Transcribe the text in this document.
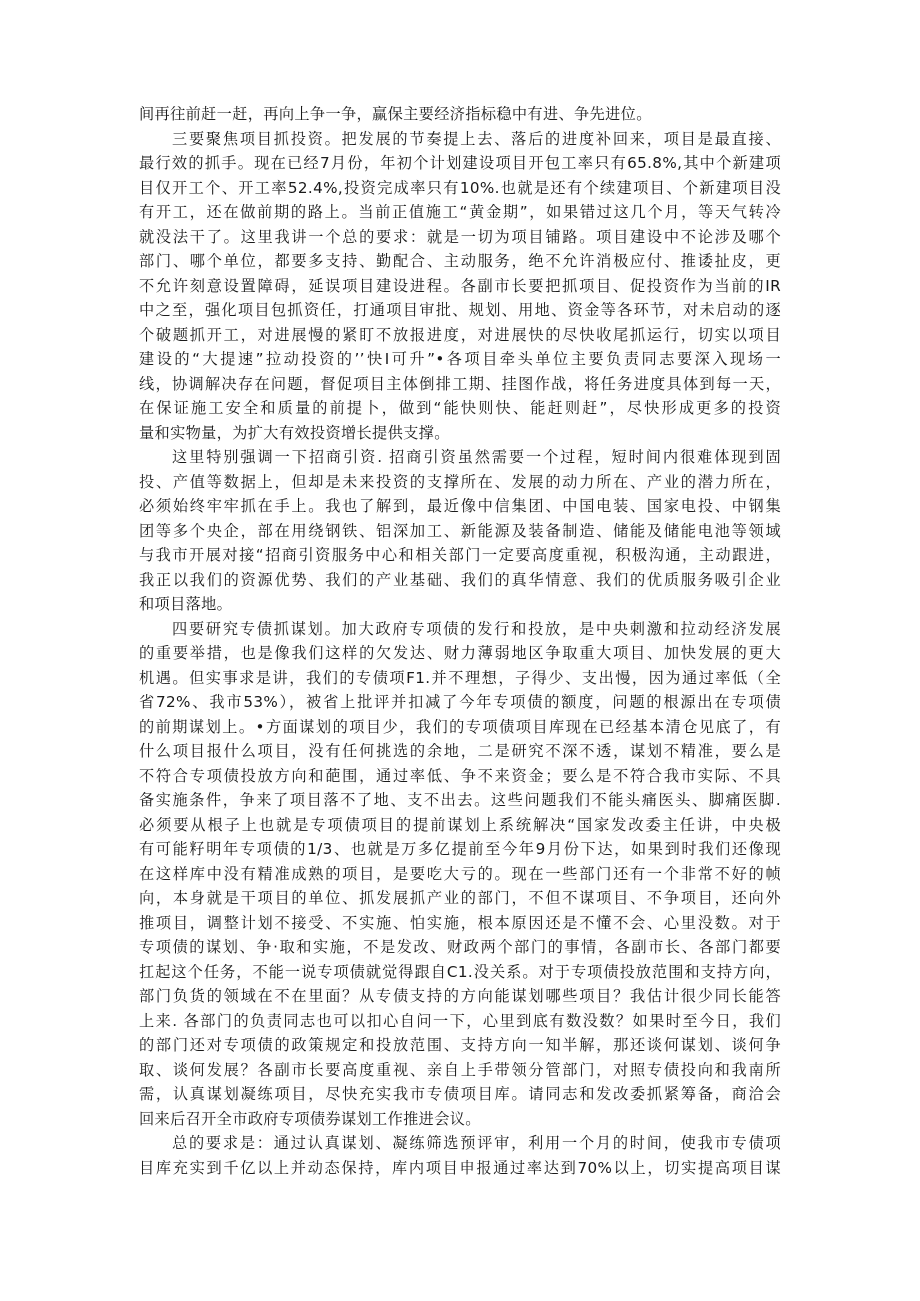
间再往前赶一赶，再向上争一争，赢保主要经济指标稳中有进、争先进位。
三要聚焦项目抓投资。把发展的节奏提上去、落后的进度补回来，项目是最直接、
最行效的抓手。现在已经7月份，年初个计划建设项目开包工率只有65.8%,其中个新建项
目仅开工个、开工率52.4%,投资完成率只有10%.也就是还有个续建项目、个新建项目没
有开工，还在做前期的路上。当前正值施工“黄金期”，如果错过这几个月，等天气转冷
就没法干了。这里我讲一个总的要求：就是一切为项目铺路。项目建设中不论涉及哪个
部门、哪个单位，都要多支持、勤配合、主动服务，绝不允许消极应付、推诿扯皮，更
不允许刻意设置障碍，延误项目建设进程。各副市长要把抓项目、促投资作为当前的IR
中之至，强化项目包抓资任，打通项目审批、规划、用地、资金等各环节，对未启动的逐
个破题抓开工，对进展慢的紧盯不放报进度，对进展快的尽快收尾抓运行，切实以项目
建设的“大提速”拉动投资的’’快I可升”•各项目牵头单位主要负责同志要深入现场一
线，协调解决存在问题，督促项目主体倒排工期、挂图作战，将任务进度具体到每一天，
在保证施工安全和质量的前提卜，做到“能快则快、能赶则赶”，尽快形成更多的投资
量和实物量，为扩大有效投资增长提供支撑。
这里特别强调一下招商引资. 招商引资虽然需要一个过程，短时间内很难体现到固
投、产值等数据上，但却是未来投资的支撑所在、发展的动力所在、产业的潜力所在，
必须始终牢牢抓在手上。我也了解到，最近像中信集团、中国电装、国家电投、中钢集
团等多个央企，部在用绕钢铁、铝深加工、新能源及装备制造、储能及储能电池等领域
与我市开展对接“招商引资服务中心和相关部门一定要高度重视，积极沟通，主动跟进，
我正以我们的资源优势、我们的产业基础、我们的真华情意、我们的优质服务吸引企业
和项目落地。
四要研究专债抓谋划。加大政府专项债的发行和投放，是中央刺激和拉动经济发展
的重要举措，也是像我们这样的欠发达、财力薄弱地区争取重大项目、加快发展的更大
机遇。但实事求是讲，我们的专债项F1.并不理想，子得少、支出慢，因为通过率低（全
省72%、我市53%），被省上批评并扣减了今年专项债的额度，问题的根源出在专项债
的前期谋划上。•方面谋划的项目少，我们的专项债项目库现在已经基本清仓见底了，有
什么项目报什么项目，没有任何挑选的余地，二是研究不深不透，谋划不精准，要么是
不符合专项债投放方向和葩围，通过率低、争不来资金；要么是不符合我市实际、不具
备实施条件，争来了项目落不了地、支不出去。这些问题我们不能头痛医头、脚痛医脚.
必须要从根子上也就是专项债项目的提前谋划上系统解决“国家发改委主任讲，中央极
有可能籽明年专项债的1/3、也就是万多亿提前至今年9月份下达，如果到时我们还像现
在这样库中没有精准成熟的项目，是要吃大亏的。现在一些部门还有一个非常不好的帧
向，本身就是干项目的单位、抓发展抓产业的部门，不但不谋项目、不争项目，还向外
推项目，调整计划不接受、不实施、怕实施，根本原因还是不懂不会、心里没数。对于
专项债的谋划、争·取和实施，不是发改、财政两个部门的事情，各副市长、各部门都要
扛起这个任务，不能一说专项债就觉得跟自C1.没关系。对于专项债投放范围和支持方向，
部门负货的领域在不在里面？从专债支持的方向能谋划哪些项目？我估计很少同长能答
上来. 各部门的负责同志也可以扣心自问一下，心里到底有数没数？如果时至今日，我们
的部门还对专项债的政策规定和投放范围、支持方向一知半解，那还谈何谋划、谈何争
取、谈何发展？各副市长要高度重视、亲自上手带领分管部门，对照专债投向和我南所
需，认真谋划凝练项目，尽快充实我市专债项目库。请同志和发改委抓紧筹备，商洽会
回来后召开全市政府专项债券谋划工作推进会议。
总的要求是：通过认真谋划、凝练筛选预评审，利用一个月的时间，使我市专债项
目库充实到千亿以上并动态保持，库内项目申报通过率达到70%以上，切实提高项目谋
